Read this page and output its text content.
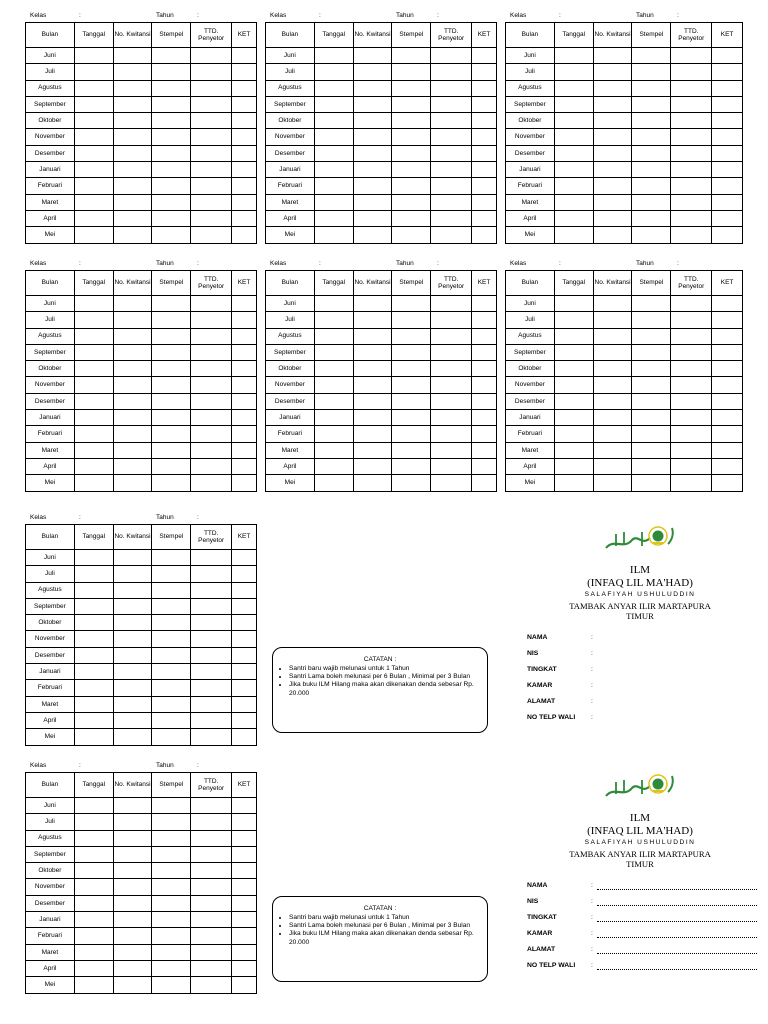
Kelas	:	Tahun	:
Bulan	Tanggal	No. Kwitansi	Stempel	TTD. Penyetor	KET
Juni					
Juli					
Agustus					
September					
Oktober					
November					
Desember					
Januari					
Februari					
Maret					
April					
Mei					
Kelas	:	Tahun	:
Bulan	Tanggal	No. Kwitansi	Stempel	TTD. Penyetor	KET
Juni					
Juli					
Agustus					
September					
Oktober					
November					
Desember					
Januari					
Februari					
Maret					
April					
Mei					
Kelas	:	Tahun	:
Bulan	Tanggal	No. Kwitansi	Stempel	TTD. Penyetor	KET
Juni					
Juli					
Agustus					
September					
Oktober					
November					
Desember					
Januari					
Februari					
Maret					
April					
Mei					
Kelas	:	Tahun	:
Bulan	Tanggal	No. Kwitansi	Stempel	TTD. Penyetor	KET
Juni					
Juli					
Agustus					
September					
Oktober					
November					
Desember					
Januari					
Februari					
Maret					
April					
Mei					
Kelas	:	Tahun	:
Bulan	Tanggal	No. Kwitansi	Stempel	TTD. Penyetor	KET
Juni					
Juli					
Agustus					
September					
Oktober					
November					
Desember					
Januari					
Februari					
Maret					
April					
Mei					
Kelas	:	Tahun	:
Bulan	Tanggal	No. Kwitansi	Stempel	TTD. Penyetor	KET
Juni					
Juli					
Agustus					
September					
Oktober					
November					
Desember					
Januari					
Februari					
Maret					
April					
Mei					
Kelas	:	Tahun	:
Bulan	Tanggal	No. Kwitansi	Stempel	TTD. Penyetor	KET
Juni					
Juli					
Agustus					
September					
Oktober					
November					
Desember					
Januari					
Februari					
Maret					
April					
Mei					
Kelas	:	Tahun	:
Bulan	Tanggal	No. Kwitansi	Stempel	TTD. Penyetor	KET
Juni					
Juli					
Agustus					
September					
Oktober					
November					
Desember					
Januari					
Februari					
Maret					
April					
Mei					
CATATAN :
• Santri baru wajib melunasi untuk 1 Tahun
• Santri Lama boleh melunasi per 6 Bulan , Minimal per 3 Bulan
• Jika buku ILM Hilang maka akan dikenakan denda sebesar Rp. 20.000
CATATAN :
• Santri baru wajib melunasi untuk 1 Tahun
• Santri Lama boleh melunasi per 6 Bulan , Minimal per 3 Bulan
• Jika buku ILM Hilang maka akan dikenakan denda sebesar Rp. 20.000
ILM
(INFAQ LIL MA'HAD)
SALAFIYAH USHULUDDIN
TAMBAK ANYAR ILIR MARTAPURA
TIMUR
NAMA	:
NIS	:
TINGKAT	:
KAMAR	:
ALAMAT	:
NO TELP WALI :
ILM
(INFAQ LIL MA'HAD)
SALAFIYAH USHULUDDIN
TAMBAK ANYAR ILIR MARTAPURA
TIMUR
NAMA	:
NIS	:
TINGKAT	:
KAMAR	:
ALAMAT	:
NO TELP WALI :
